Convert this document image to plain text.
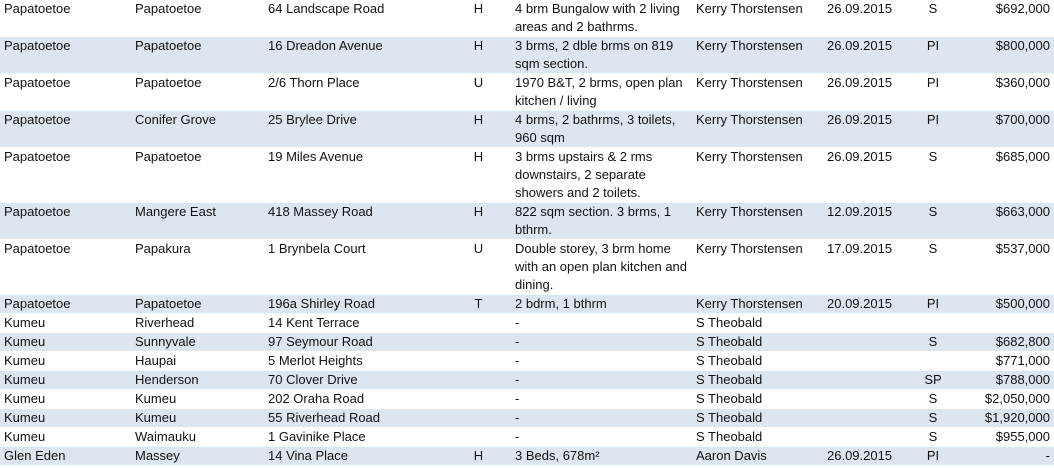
Papatoetoe	Papatoetoe	64 Landscape Road	H	4 brm Bungalow with 2 living areas and 2 bathrms.	Kerry Thorstensen	26.09.2015	S	$692,000
Papatoetoe	Papatoetoe	16 Dreadon Avenue	H	3 brms, 2 dble brms on 819 sqm section.	Kerry Thorstensen	26.09.2015	PI	$800,000
Papatoetoe	Papatoetoe	2/6 Thorn Place	U	1970 B&T, 2 brms, open plan kitchen / living	Kerry Thorstensen	26.09.2015	PI	$360,000
Papatoetoe	Conifer Grove	25 Brylee Drive	H	4 brms, 2 bathrms, 3 toilets, 960 sqm	Kerry Thorstensen	26.09.2015	PI	$700,000
Papatoetoe	Papatoetoe	19 Miles Avenue	H	3 brms upstairs & 2 rms downstairs, 2 separate showers and 2 toilets.	Kerry Thorstensen	26.09.2015	S	$685,000
Papatoetoe	Mangere East	418 Massey Road	H	822 sqm section. 3 brms, 1 bthrm.	Kerry Thorstensen	12.09.2015	S	$663,000
Papatoetoe	Papakura	1 Brynbela Court	U	Double storey, 3 brm home with an open plan kitchen and dining.	Kerry Thorstensen	17.09.2015	S	$537,000
Papatoetoe	Papatoetoe	196a Shirley Road	T	2 bdrm, 1 bthrm	Kerry Thorstensen	20.09.2015	PI	$500,000
Kumeu	Riverhead	14 Kent Terrace		-	S Theobald			
Kumeu	Sunnyvale	97 Seymour Road		-	S Theobald		S	$682,800
Kumeu	Haupai	5 Merlot Heights		-	S Theobald			$771,000
Kumeu	Henderson	70 Clover Drive		-	S Theobald		SP	$788,000
Kumeu	Kumeu	202 Oraha Road		-	S Theobald		S	$2,050,000
Kumeu	Kumeu	55 Riverhead Road		-	S Theobald		S	$1,920,000
Kumeu	Waimauku	1 Gavinike Place		-	S Theobald		S	$955,000
Glen Eden	Massey	14 Vina Place	H	3 Beds, 678m²	Aaron Davis	26.09.2015	PI	-
